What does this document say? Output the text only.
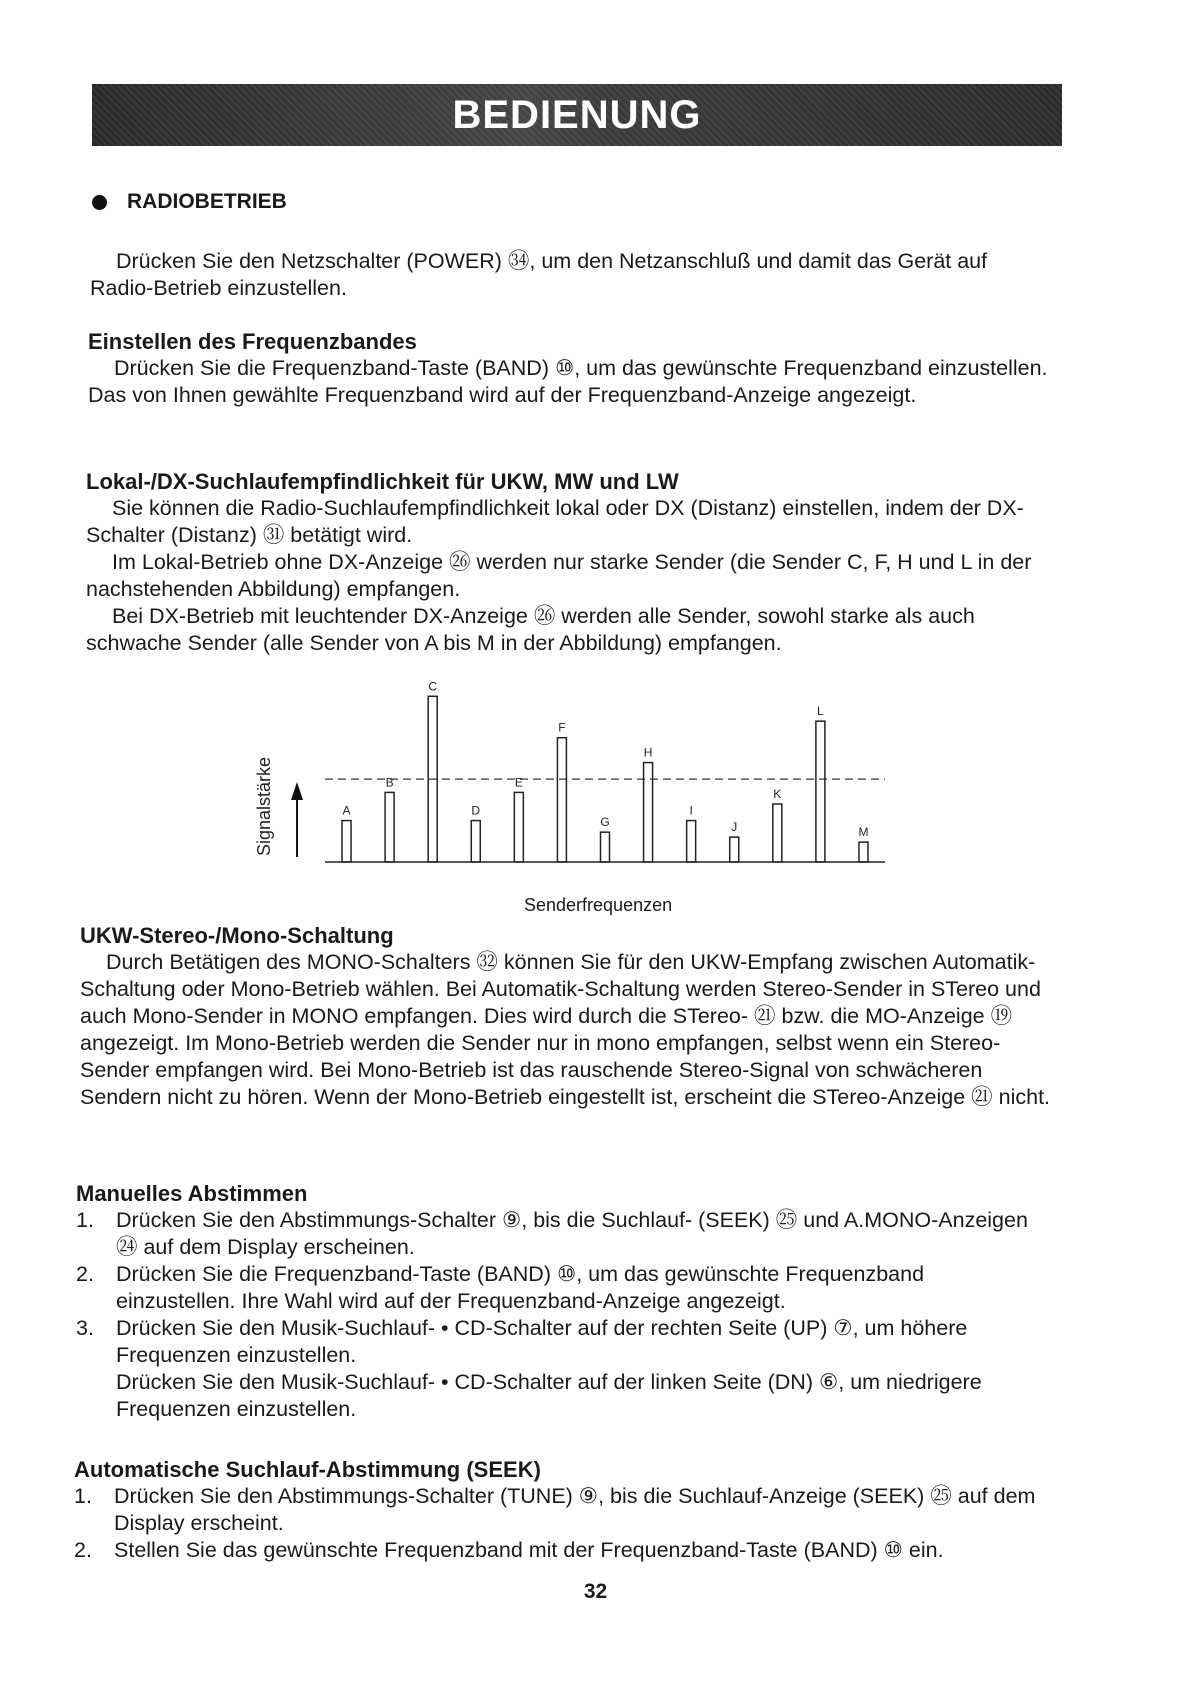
BEDIENUNG
RADIOBETRIEB

Drücken Sie den Netzschalter (POWER) ㉞, um den Netzanschluß und damit das Gerät auf Radio-Betrieb einzustellen.

Einstellen des Frequenzbandes

Drücken Sie die Frequenzband-Taste (BAND) ⑩, um das gewünschte Frequenzband einzustellen. Das von Ihnen gewählte Frequenzband wird auf der Frequenzband-Anzeige angezeigt.

Lokal-/DX-Suchlaufempfindlichkeit für UKW, MW und LW

Sie können die Radio-Suchlaufempfindlichkeit lokal oder DX (Distanz) einstellen, indem der DX-Schalter (Distanz) ㉛ betätigt wird.

Im Lokal-Betrieb ohne DX-Anzeige ㉖ werden nur starke Sender (die Sender C, F, H und L in der nachstehenden Abbildung) empfangen.

Bei DX-Betrieb mit leuchtender DX-Anzeige ㉖ werden alle Sender, sowohl starke als auch schwache Sender (alle Sender von A bis M in der Abbildung) empfangen.

Signalstärke	A
B
C
D
E
F
G
H
I
J
K
L
M
Senderfrequenzen
UKW-Stereo-/Mono-Schaltung

Durch Betätigen des MONO-Schalters ㉜ können Sie für den UKW-Empfang zwischen Automatik-Schaltung oder Mono-Betrieb wählen. Bei Automatik-Schaltung werden Stereo-Sender in STereo und auch Mono-Sender in MONO empfangen. Dies wird durch die STereo- ㉑ bzw. die MO-Anzeige ⑲ angezeigt. Im Mono-Betrieb werden die Sender nur in mono empfangen, selbst wenn ein Stereo-Sender empfangen wird. Bei Mono-Betrieb ist das rauschende Stereo-Signal von schwächeren Sendern nicht zu hören. Wenn der Mono-Betrieb eingestellt ist, erscheint die STereo-Anzeige ㉑ nicht.

Manuelles Abstimmen
1. Drücken Sie den Abstimmungs-Schalter ⑨, bis die Suchlauf- (SEEK) ㉕ und A.MONO-Anzeigen ㉔ auf dem Display erscheinen.
2. Drücken Sie die Frequenzband-Taste (BAND) ⑩, um das gewünschte Frequenzband einzustellen. Ihre Wahl wird auf der Frequenzband-Anzeige angezeigt.
3. Drücken Sie den Musik-Suchlauf- • CD-Schalter auf der rechten Seite (UP) ⑦, um höhere Frequenzen einzustellen.
Drücken Sie den Musik-Suchlauf- • CD-Schalter auf der linken Seite (DN) ⑥, um niedrigere Frequenzen einzustellen.
Automatische Suchlauf-Abstimmung (SEEK)
1. Drücken Sie den Abstimmungs-Schalter (TUNE) ⑨, bis die Suchlauf-Anzeige (SEEK) ㉕ auf dem Display erscheint.
2. Stellen Sie das gewünschte Frequenzband mit der Frequenzband-Taste (BAND) ⑩ ein.
32
